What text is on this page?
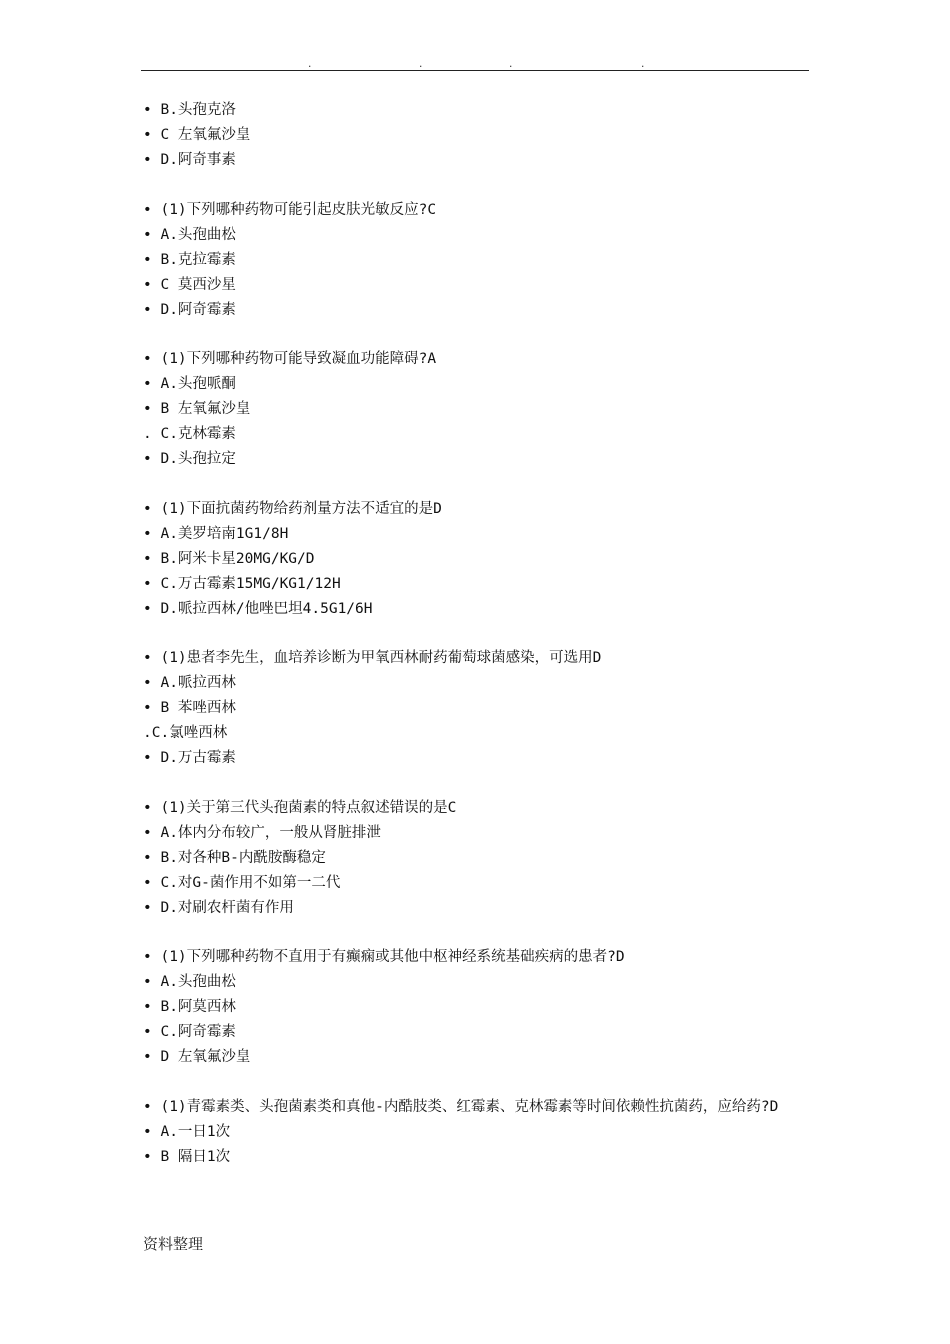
.	.	.	.
• B.头孢克洛
• C 左氧氟沙皇
• D.阿奇事素
• (1)下列哪种药物可能引起皮肤光敏反应?C
• A.头孢曲松
• B.克拉霉素
• C 莫西沙星
• D.阿奇霉素
• (1)下列哪种药物可能导致凝血功能障碍?A
• A.头孢哌酮
• B 左氧氟沙皇
. C.克林霉素
• D.头孢拉定
• (1)下面抗菌药物给药剂量方法不适宜的是D
• A.美罗培南1G1/8H
• B.阿米卡星20MG/KG/D
• C.万古霉素15MG/KG1/12H
• D.哌拉西林/他唑巴坦4.5G1/6H
• (1)患者李先生，血培养诊断为甲氧西林耐药葡萄球菌感染，可选用D
• A.哌拉西林
• B 苯唑西林
.C.氯唑西林
• D.万古霉素
• (1)关于第三代头孢菌素的特点叙述错误的是C
• A.体内分布较广，一般从肾脏排泄
• B.对各种B-内酰胺酶稳定
• C.对G-菌作用不如第一二代
• D.对刷农杆菌有作用
• (1)下列哪种药物不直用于有癫痫或其他中枢神经系统基础疾病的患者?D
• A.头孢曲松
• B.阿莫西林
• C.阿奇霉素
• D 左氧氟沙皇
• (1)青霉素类、头孢菌素类和真他-内酷肢类、红霉素、克林霉素等时间依赖性抗菌药，应给药?D
• A.一日1次
• B 隔日1次
资料整理
